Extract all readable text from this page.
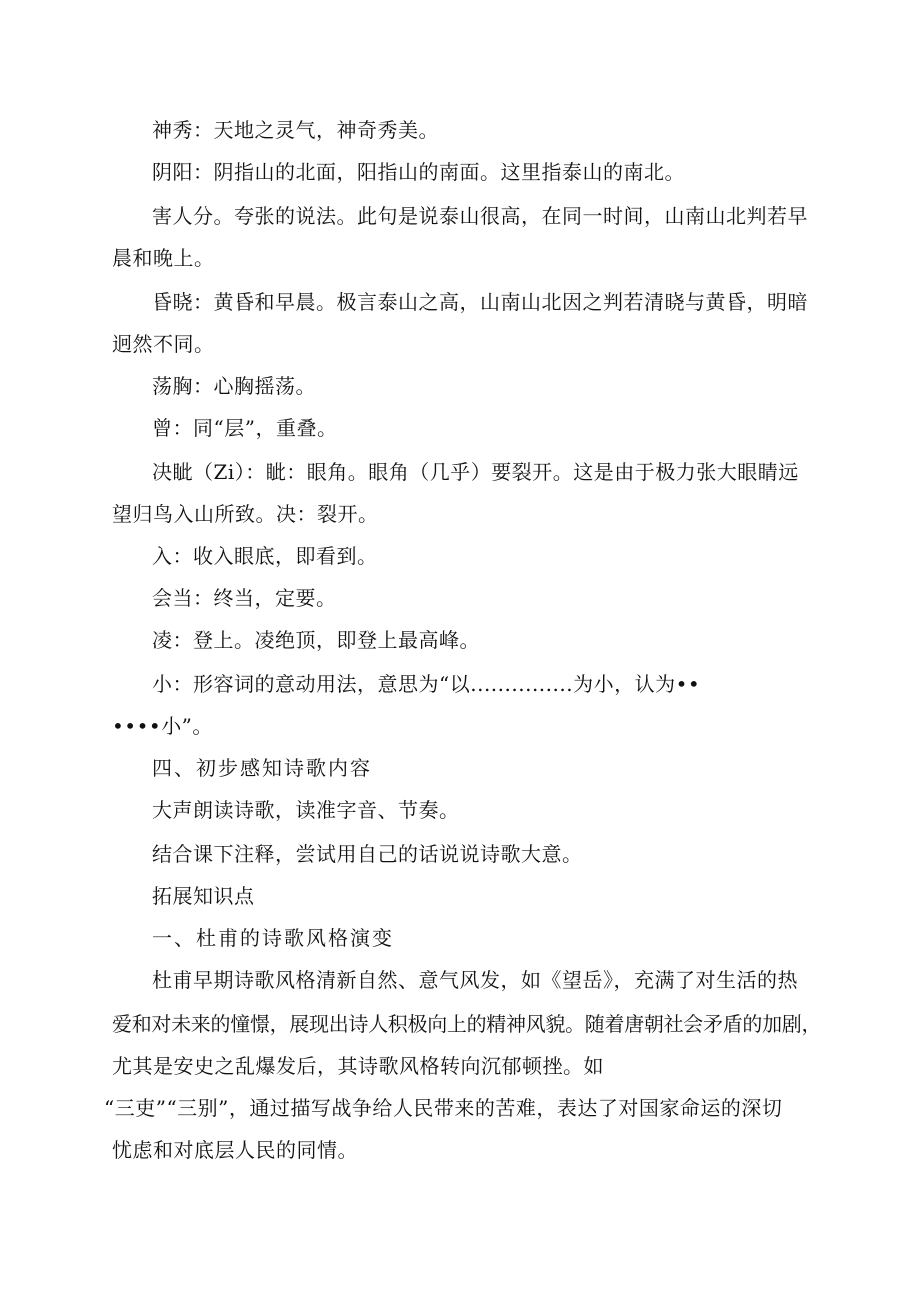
神秀：天地之灵气，神奇秀美。
阴阳：阴指山的北面，阳指山的南面。这里指泰山的南北。
害人分。夸张的说法。此句是说泰山很高，在同一时间，山南山北判若早
晨和晚上。
昏晓：黄昏和早晨。极言泰山之高，山南山北因之判若清晓与黄昏，明暗
迥然不同。
荡胸：心胸摇荡。
曾：同“层”，重叠。
决眦（Zi）：眦：眼角。眼角（几乎）要裂开。这是由于极力张大眼睛远
望归鸟入山所致。决：裂开。
入：收入眼底，即看到。
会当：终当，定要。
凌：登上。凌绝顶，即登上最高峰。
小：形容词的意动用法，意思为“以...............为小，认为••
••••小”。
四、初步感知诗歌内容
大声朗读诗歌，读准字音、节奏。
结合课下注释，尝试用自己的话说说诗歌大意。
拓展知识点
一、杜甫的诗歌风格演变
杜甫早期诗歌风格清新自然、意气风发，如《望岳》，充满了对生活的热
爱和对未来的憧憬，展现出诗人积极向上的精神风貌。随着唐朝社会矛盾的加剧，
尤其是安史之乱爆发后，其诗歌风格转向沉郁顿挫。如
“三吏”“三别”，通过描写战争给人民带来的苦难，表达了对国家命运的深切
忧虑和对底层人民的同情。
